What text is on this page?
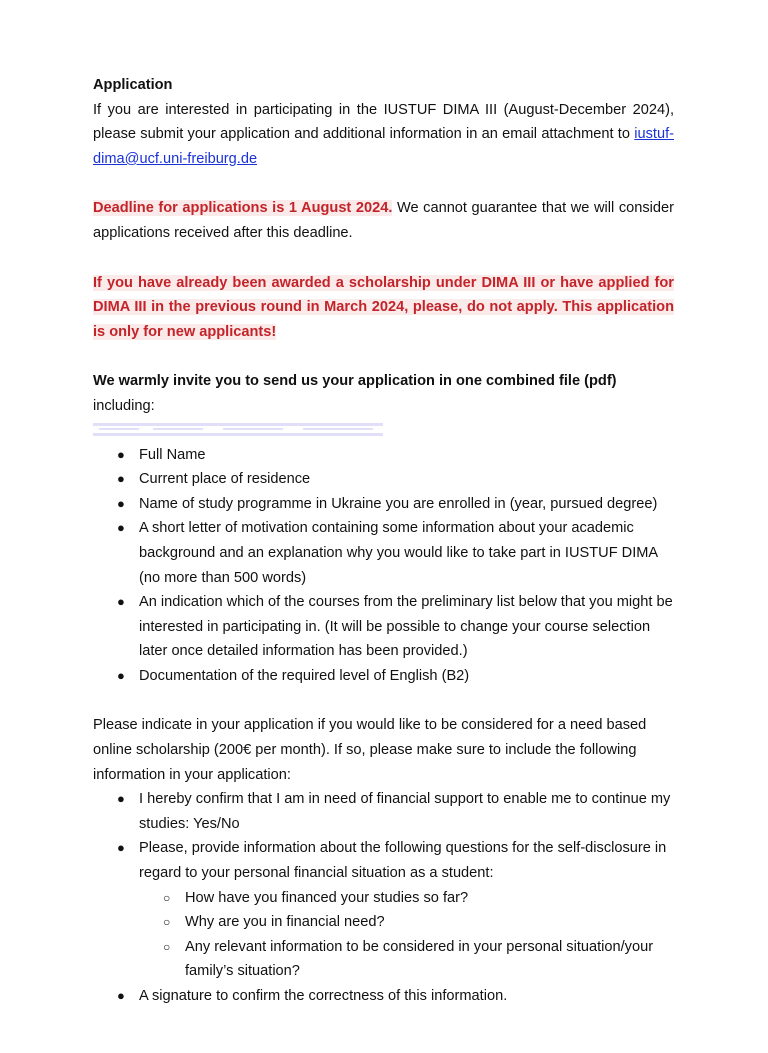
Application

If you are interested in participating in the IUSTUF DIMA III (August-December 2024), please submit your application and additional information in an email attachment to iustuf-dima@ucf.uni-freiburg.de

Deadline for applications is 1 August 2024. We cannot guarantee that we will consider applications received after this deadline.

If you have already been awarded a scholarship under DIMA III or have applied for DIMA III in the previous round in March 2024, please, do not apply. This application is only for new applicants!

We warmly invite you to send us your application in one combined file (pdf) including:

● Full Name
● Current place of residence
● Name of study programme in Ukraine you are enrolled in (year, pursued degree)
● A short letter of motivation containing some information about your academic background and an explanation why you would like to take part in IUSTUF DIMA (no more than 500 words)
● An indication which of the courses from the preliminary list below that you might be interested in participating in. (It will be possible to change your course selection later once detailed information has been provided.)
● Documentation of the required level of English (B2)

Please indicate in your application if you would like to be considered for a need based online scholarship (200€ per month). If so, please make sure to include the following information in your application:

● I hereby confirm that I am in need of financial support to enable me to continue my studies: Yes/No
● Please, provide information about the following questions for the self-disclosure in regard to your personal financial situation as a student:
○ How have you financed your studies so far?
○ Why are you in financial need?
○ Any relevant information to be considered in your personal situation/your family’s situation?
● A signature to confirm the correctness of this information.
